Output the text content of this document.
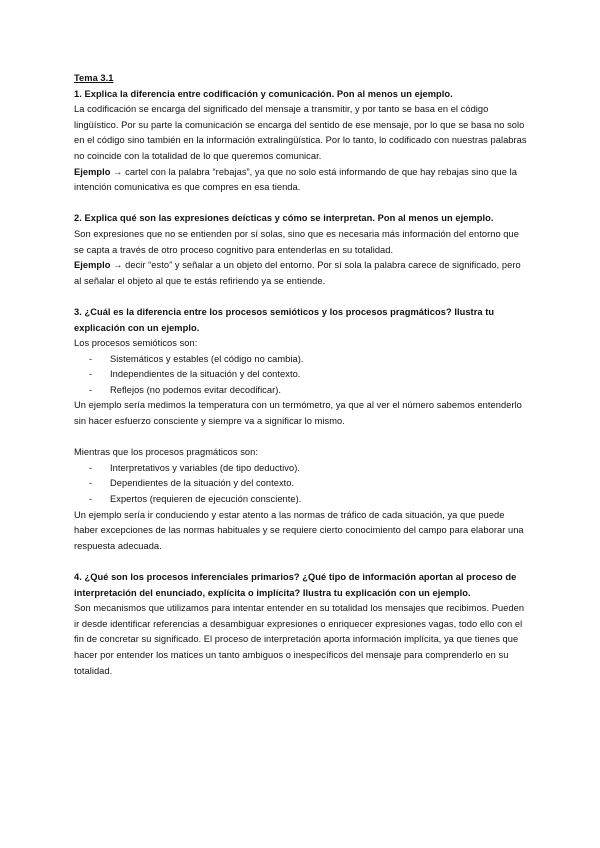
Tema 3.1

1. Explica la diferencia entre codificación y comunicación. Pon al menos un ejemplo.

La codificación se encarga del significado del mensaje a transmitir, y por tanto se basa en el código lingüístico. Por su parte la comunicación se encarga del sentido de ese mensaje, por lo que se basa no solo en el código sino también en la información extralingüística. Por lo tanto, lo codificado con nuestras palabras no coincide con la totalidad de lo que queremos comunicar.

Ejemplo → cartel con la palabra “rebajas”, ya que no solo está informando de que hay rebajas sino que la intención comunicativa es que compres en esa tienda.

2. Explica qué son las expresiones deícticas y cómo se interpretan. Pon al menos un ejemplo.

Son expresiones que no se entienden por sí solas, sino que es necesaria más información del entorno que se capta a través de otro proceso cognitivo para entenderlas en su totalidad.

Ejemplo → decir “esto” y señalar a un objeto del entorno. Por sí sola la palabra carece de significado, pero al señalar el objeto al que te estás refiriendo ya se entiende.

3. ¿Cuál es la diferencia entre los procesos semióticos y los procesos pragmáticos? Ilustra tu explicación con un ejemplo.

Los procesos semióticos son:

- Sistemáticos y estables (el código no cambia).
- Independientes de la situación y del contexto.
- Reflejos (no podemos evitar decodificar).

Un ejemplo sería medimos la temperatura con un termómetro, ya que al ver el número sabemos entenderlo sin hacer esfuerzo consciente y siempre va a significar lo mismo.

Mientras que los procesos pragmáticos son:

- Interpretativos y variables (de tipo deductivo).
- Dependientes de la situación y del contexto.
- Expertos (requieren de ejecución consciente).

Un ejemplo sería ir conduciendo y estar atento a las normas de tráfico de cada situación, ya que puede haber excepciones de las normas habituales y se requiere cierto conocimiento del campo para elaborar una respuesta adecuada.

4. ¿Qué son los procesos inferenciales primarios? ¿Qué tipo de información aportan al proceso de interpretación del enunciado, explícita o implícita? Ilustra tu explicación con un ejemplo.

Son mecanismos que utilizamos para intentar entender en su totalidad los mensajes que recibimos. Pueden ir desde identificar referencias a desambiguar expresiones o enriquecer expresiones vagas, todo ello con el fin de concretar su significado. El proceso de interpretación aporta información implícita, ya que tienes que hacer por entender los matices un tanto ambiguos o inespecíficos del mensaje para comprenderlo en su totalidad.
